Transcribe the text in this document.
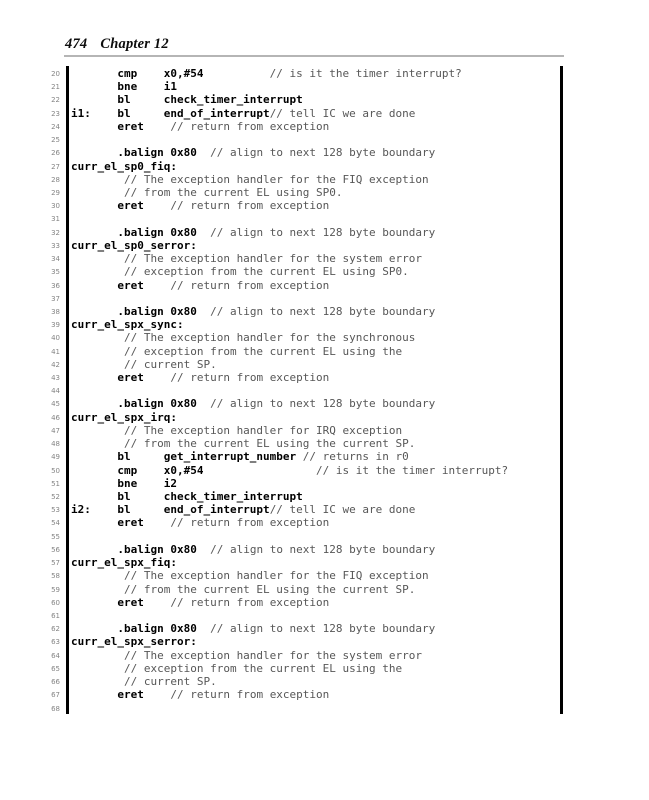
474 Chapter 12
20 cmp    x0,#54          // is it the timer interrupt?
21 bne    i1
22 bl     check_timer_interrupt
23 i1:    bl     end_of_interrupt// tell IC we are done
24 eret    // return from exception
25
26 .balign 0x80  // align to next 128 byte boundary
27 curr_el_sp0_fiq:
28 // The exception handler for the FIQ exception
29 // from the current EL using SP0.
30 eret    // return from exception
31
32 .balign 0x80  // align to next 128 byte boundary
33 curr_el_sp0_serror:
34 // The exception handler for the system error
35 // exception from the current EL using SP0.
36 eret    // return from exception
37
38 .balign 0x80  // align to next 128 byte boundary
39 curr_el_spx_sync:
40 // The exception handler for the synchronous
41 // exception from the current EL using the
42 // current SP.
43 eret    // return from exception
44
45 .balign 0x80  // align to next 128 byte boundary
46 curr_el_spx_irq:
47 // The exception handler for IRQ exception
48 // from the current EL using the current SP.
49 bl     get_interrupt_number // returns in r0
50 cmp    x0,#54                 // is it the timer interrupt?
51 bne    i2
52 bl     check_timer_interrupt
53 i2:    bl     end_of_interrupt// tell IC we are done
54 eret    // return from exception
55
56 .balign 0x80  // align to next 128 byte boundary
57 curr_el_spx_fiq:
58 // The exception handler for the FIQ exception
59 // from the current EL using the current SP.
60 eret    // return from exception
61
62 .balign 0x80  // align to next 128 byte boundary
63 curr_el_spx_serror:
64 // The exception handler for the system error
65 // exception from the current EL using the
66 // current SP.
67 eret    // return from exception
68
